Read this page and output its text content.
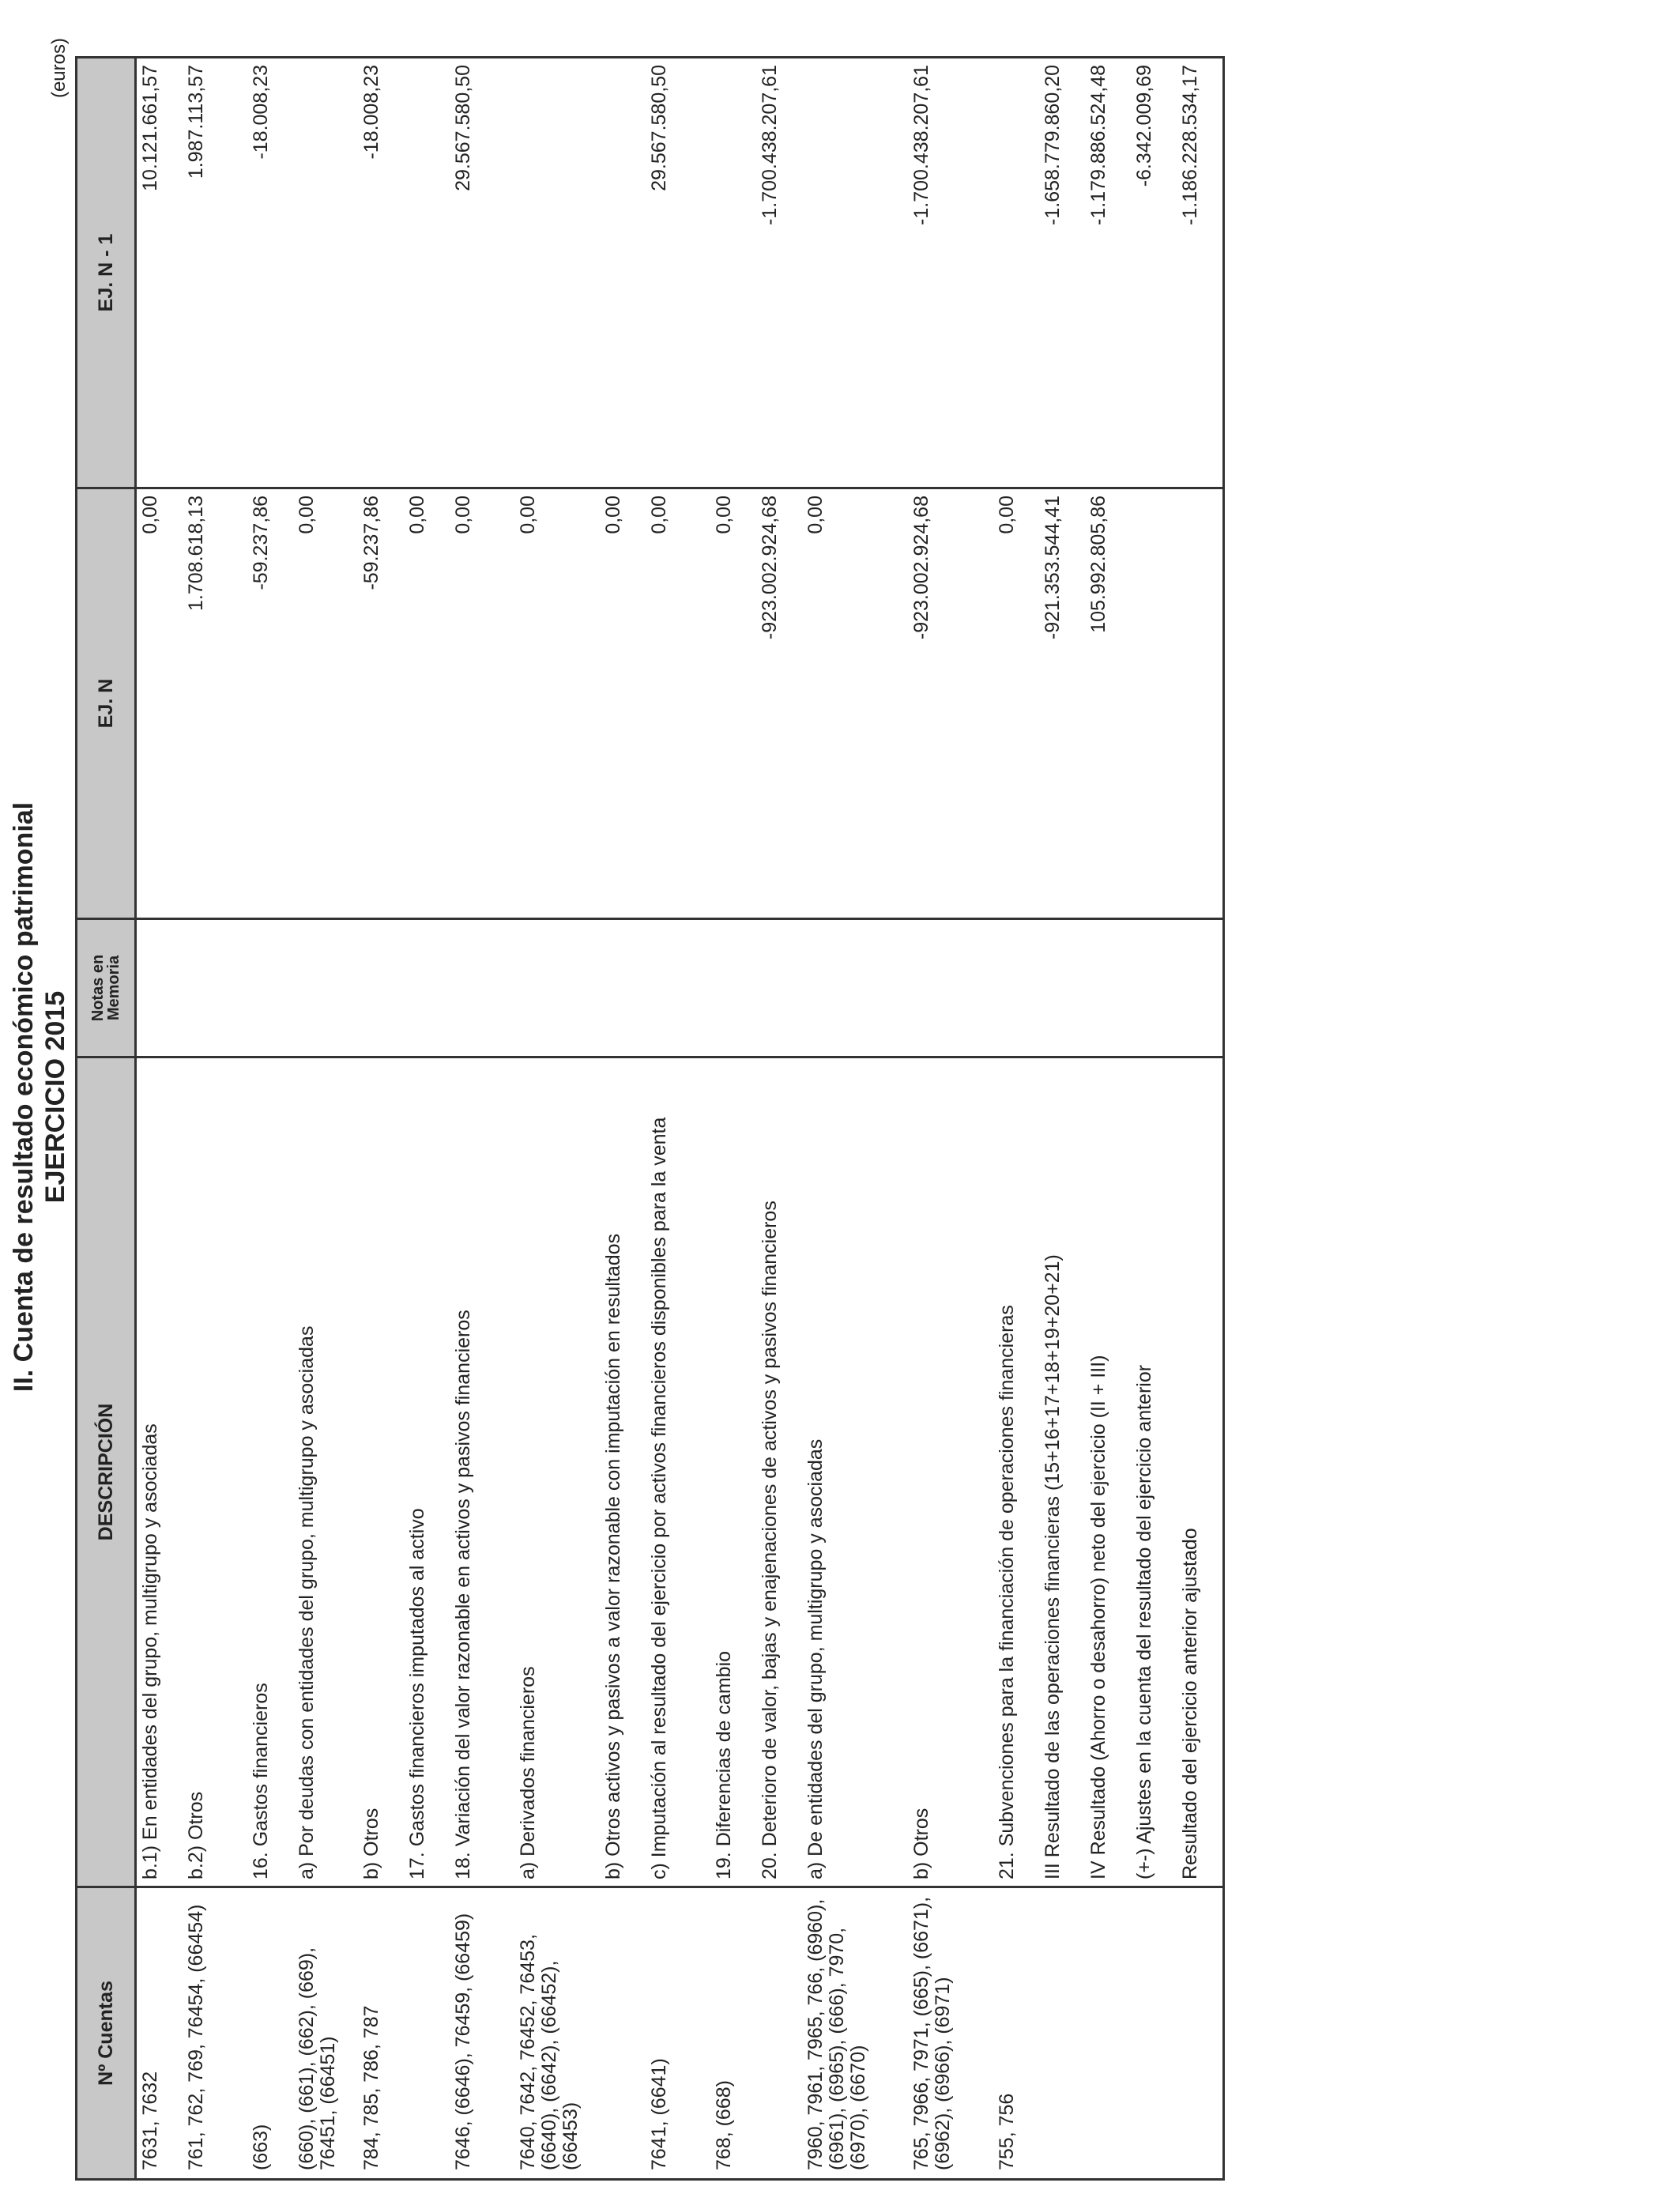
II. Cuenta de resultado económico patrimonial EJERCICIO 2015
(euros)
Nº Cuentas	DESCRIPCIÓN	Notas en Memoria	EJ. N	EJ. N - 1
7631, 7632	b.1) En entidades del grupo, multigrupo y asociadas		0,00	10.121.661,57
761, 762, 769, 76454, (66454)	b.2) Otros		1.708.618,13	1.987.113,57
(663)	16. Gastos financieros		-59.237,86	-18.008,23
(660), (661), (662), (669), 76451, (66451)	a) Por deudas con entidades del grupo, multigrupo y asociadas		0,00	
784, 785, 786, 787	b) Otros		-59.237,86	-18.008,23
	17. Gastos financieros imputados al activo		0,00	
7646, (6646), 76459, (66459)	18. Variación del valor razonable en activos y pasivos financieros		0,00	29.567.580,50
7640, 7642, 76452, 76453, (6640), (6642), (66452), (66453)	a) Derivados financieros		0,00	
	b) Otros activos y pasivos a valor razonable con imputación en resultados		0,00	
7641, (6641)	c) Imputación al resultado del ejercicio por activos financieros disponibles para la venta		0,00	29.567.580,50
768, (668)	19. Diferencias de cambio		0,00	
	20. Deterioro de valor, bajas y enajenaciones de activos y pasivos financieros		-923.002.924,68	-1.700.438.207,61
7960, 7961, 7965, 766, (6960), (6961), (6965), (666), 7970, (6970), (6670)	a) De entidades del grupo, multigrupo y asociadas		0,00	
765, 7966, 7971, (665), (6671), (6962), (6966), (6971)	b) Otros		-923.002.924,68	-1.700.438.207,61
755, 756	21. Subvenciones para la financiación de operaciones financieras		0,00	
	III Resultado de las operaciones financieras (15+16+17+18+19+20+21)		-921.353.544,41	-1.658.779.860,20
	IV Resultado (Ahorro o desahorro) neto del ejercicio (II + III)		105.992.805,86	-1.179.886.524,48
	(+-) Ajustes en la cuenta del resultado del ejercicio anterior			-6.342.009,69
	Resultado del ejercicio anterior ajustado			-1.186.228.534,17
